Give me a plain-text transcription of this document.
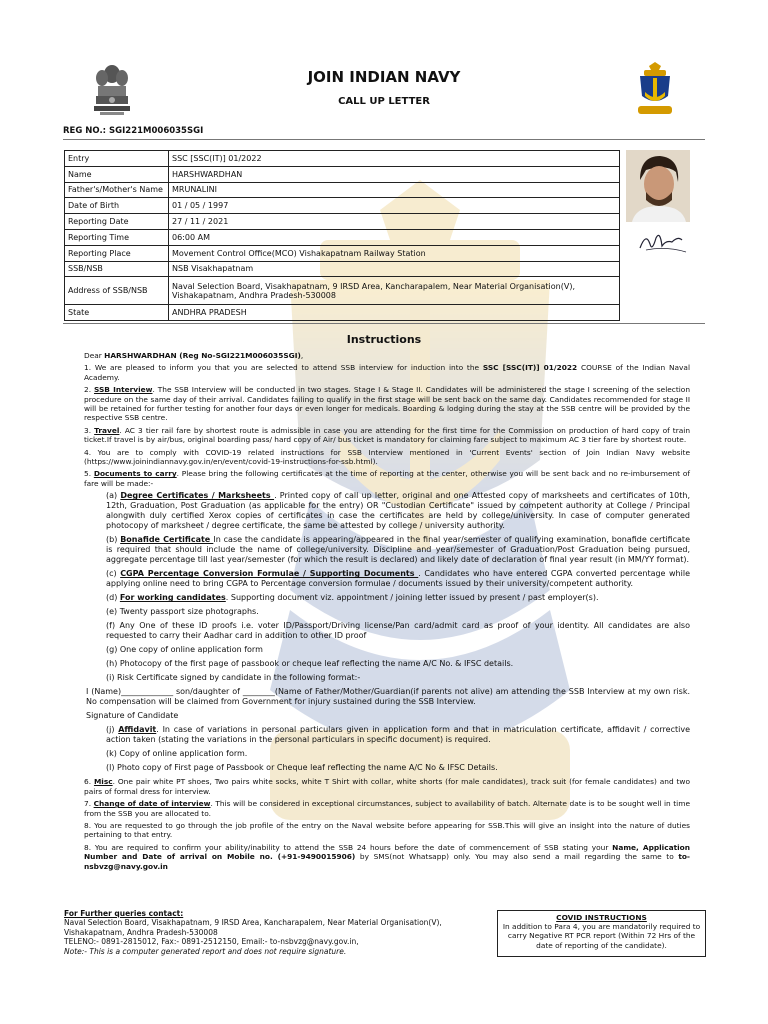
JOIN INDIAN NAVY
CALL UP LETTER
REG NO.: SGI221M006035SGI
Entry	SSC [SSC(IT)] 01/2022
Name	HARSHWARDHAN
Father's/Mother's Name	MRUNALINI
Date of Birth	01 / 05 / 1997
Reporting Date	27 / 11 / 2021
Reporting Time	06:00 AM
Reporting Place	Movement Control Office(MCO) Vishakapatnam Railway Station
SSB/NSB	NSB Visakhapatnam
Address of SSB/NSB	Naval Selection Board, Visakhapatnam, 9 IRSD Area, Kancharapalem, Near Material Organisation(V), Vishakapatnam, Andhra Pradesh-530008
State	ANDHRA PRADESH
Instructions

Dear HARSHWARDHAN (Reg No-SGI221M006035SGI),

1. We are pleased to inform you that you are selected to attend SSB interview for induction into the SSC [SSC(IT)] 01/2022 COURSE of the Indian Naval Academy.

2. SSB Interview. The SSB Interview will be conducted in two stages. Stage I & Stage II. Candidates will be administered the stage I screening of the selection procedure on the same day of their arrival. Candidates failing to qualify in the first stage will be sent back on the same day. Candidates recommended for stage II will be retained for further testing for another four days or even longer for medicals. Boarding & lodging during the stay at the SSB centre will be provided by the respective SSB centre.

3. Travel. AC 3 tier rail fare by shortest route is admissible in case you are attending for the first time for the Commission on production of hard copy of train ticket.If travel is by air/bus, original boarding pass/ hard copy of Air/ bus ticket is mandatory for claiming fare subject to maximum AC 3 tier fare by shortest route.

4. You are to comply with COVID-19 related instructions for SSB Interview mentioned in 'Current Events' section of Join Indian Navy website (https://www.joinindiannavy.gov.in/en/event/covid-19-instructions-for-ssb.html).

5. Documents to carry. Please bring the following certificates at the time of reporting at the center, otherwise you will be sent back and no re-imbursement of fare will be made:-

(a) Degree Certificates / Marksheets . Printed copy of call up letter, original and one Attested copy of marksheets and certificates of 10th, 12th, Graduation, Post Graduation (as applicable for the entry) OR "Custodian Certificate" issued by competent authority at College / Principal alongwith duly certified Xerox copies of certificates in case the certificates are held by college/university. In case of computer generated photocopy of marksheet / degree certificate, the same be attested by college / university authority.

(b) Bonafide Certificate In case the candidate is appearing/appeared in the final year/semester of qualifying examination, bonafide certificate is required that should include the name of college/university. Discipline and year/semester of Graduation/Post Graduation being pursued, aggregate percentage till last year/semester (for which the result is declared) and likely date of declaration of final year result (in MM/YY format).

(c) CGPA Percentage Conversion Formulae / Supporting Documents . Candidates who have entered CGPA converted percentage while applying online need to bring CGPA to Percentage conversion formulae / documents issued by their university/competent authority.

(d) For working candidates. Supporting document viz. appointment / joining letter issued by present / past employer(s).

(e) Twenty passport size photographs.

(f) Any One of these ID proofs i.e. voter ID/Passport/Driving license/Pan card/admit card as proof of your identity. All candidates are also requested to carry their Aadhar card in addition to other ID proof

(g) One copy of online application form

(h) Photocopy of the first page of passbook or cheque leaf reflecting the name A/C No. & IFSC details.

(i) Risk Certificate signed by candidate in the following format:-

I (Name)_____________ son/daughter of ________(Name of Father/Mother/Guardian(if parents not alive) am attending the SSB Interview at my own risk. No compensation will be claimed from Government for injury sustained during the SSB Interview.

Signature of Candidate

(j) Affidavit. In case of variations in personal particulars given in application form and that in matriculation certificate, affidavit / corrective action taken (stating the variations in the personal particulars in specific document) is required.

(k) Copy of online application form.

(l) Photo copy of First page of Passbook or Cheque leaf reflecting the name A/C No & IFSC Details.

6. Misc. One pair white PT shoes, Two pairs white socks, white T Shirt with collar, white shorts (for male candidates), track suit (for female candidates) and two pairs of formal dress for interview.

7. Change of date of interview. This will be considered in exceptional circumstances, subject to availability of batch. Alternate date is to be sought well in time from the SSB you are allocated to.

8. You are requested to go through the job profile of the entry on the Naval website before appearing for SSB.This will give an insight into the nature of duties pertaining to that entry.

8. You are required to confirm your ability/inability to attend the SSB 24 hours before the date of commencement of SSB stating your Name, Application Number and Date of arrival on Mobile no. (+91-9490015906) by SMS(not Whatsapp) only. You may also send a mail regarding the same to to-nsbvzg@navy.gov.in

For Further queries contact:
Naval Selection Board, Visakhapatnam, 9 IRSD Area, Kancharapalem, Near Material Organisation(V),
Vishakapatnam, Andhra Pradesh-530008
TELENO:- 0891-2815012, Fax:- 0891-2512150, Email:- to-nsbvzg@navy.gov.in,
Note:- This is a computer generated report and does not require signature.
COVID INSTRUCTIONS
In addition to Para 4, you are mandatorily required to carry Negative RT PCR report (Within 72 Hrs of the date of reporting of the candidate).
